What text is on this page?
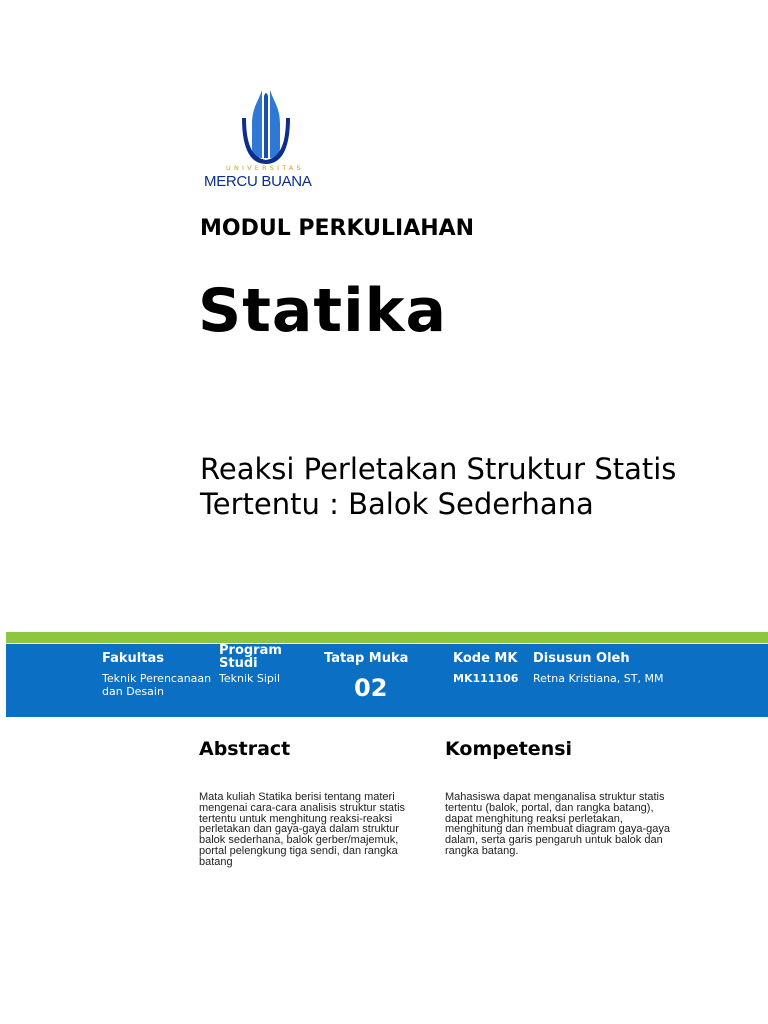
UNIVERSITAS
MERCU BUANA
MODUL PERKULIAHAN
Statika
Reaksi Perletakan Struktur Statis Tertentu : Balok Sederhana
Fakultas
Teknik Perencanaan dan Desain
Program Studi
Teknik Sipil
Tatap Muka
02
Kode MK
MK111106
Disusun Oleh
Retna Kristiana, ST, MM
Abstract
Mata kuliah Statika berisi tentang materi mengenai cara-cara analisis struktur statis tertentu untuk menghitung reaksi-reaksi perletakan dan gaya-gaya dalam struktur balok sederhana, balok gerber/majemuk, portal pelengkung tiga sendi, dan rangka batang
Kompetensi
Mahasiswa dapat menganalisa struktur statis tertentu (balok, portal, dan rangka batang), dapat menghitung reaksi perletakan, menghitung dan membuat diagram gaya-gaya dalam, serta garis pengaruh untuk balok dan rangka batang.
